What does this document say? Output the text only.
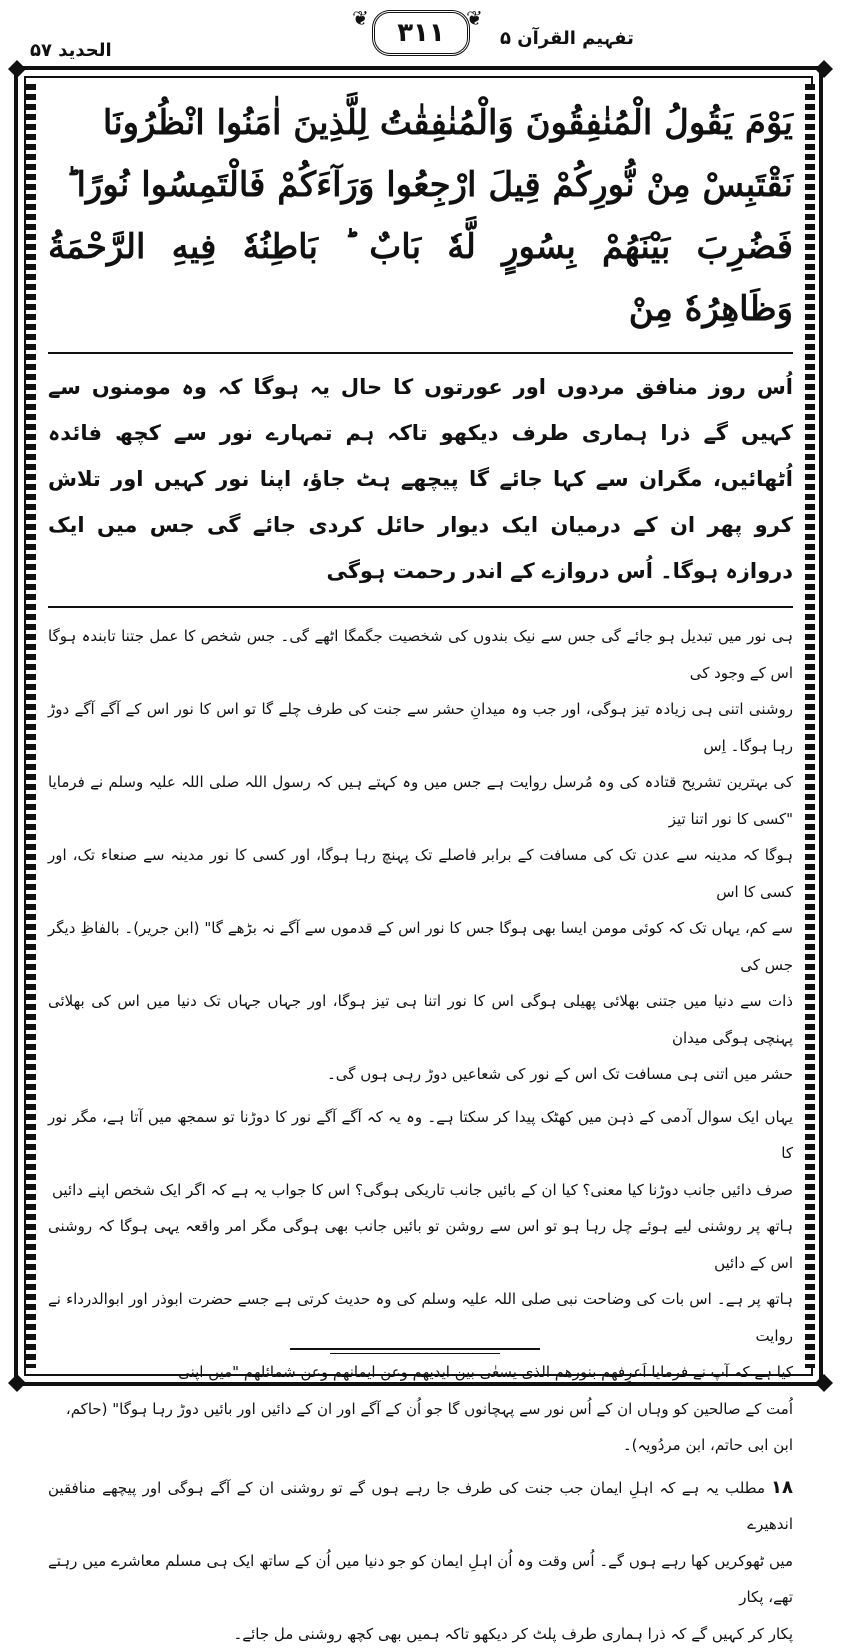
۳۱۱
❦	❦
تفہیم القرآن ۵
الحدید ۵۷

يَوْمَ يَقُولُ الْمُنٰفِقُونَ وَالْمُنٰفِقٰتُ لِلَّذِينَ اٰمَنُوا انْظُرُونَا

نَقْتَبِسْ مِنْ نُّورِكُمْ قِيلَ ارْجِعُوا وَرَآءَكُمْ فَالْتَمِسُوا نُورًا ؕ

فَضُرِبَ بَيْنَهُمْ بِسُورٍ لَّهٗ بَابٌ ؕ بَاطِنُهٗ فِيهِ الرَّحْمَةُ وَظَاهِرُهٗ مِنْ

اُس روز منافق مردوں اور عورتوں کا حال یہ ہوگا کہ وہ مومنوں سے کہیں گے ذرا ہماری طرف دیکھو تاکہ ہم تمہارے نور سے کچھ فائدہ اُٹھائیں، مگران سے کہا جائے گا پیچھے ہٹ جاؤ، اپنا نور کہیں اور تلاش کرو پھر ان کے درمیان ایک دیوار حائل کردی جائے گی جس میں ایک دروازہ ہوگا۔ اُس دروازے کے اندر رحمت ہوگی

ہی نور میں تبدیل ہو جائے گی جس سے نیک بندوں کی شخصیت جگمگا اٹھے گی۔ جس شخص کا عمل جتنا تابندہ ہوگا اس کے وجود کی
روشنی اتنی ہی زیادہ تیز ہوگی، اور جب وہ میدانِ حشر سے جنت کی طرف چلے گا تو اس کا نور اس کے آگے آگے دوڑ رہا ہوگا۔ اِس
کی بہترین تشریح قتادہ کی وہ مُرسل روایت ہے جس میں وہ کہتے ہیں کہ رسول اللہ صلی اللہ علیہ وسلم نے فرمایا "کسی کا نور اتنا تیز
ہوگا کہ مدینہ سے عدن تک کی مسافت کے برابر فاصلے تک پہنچ رہا ہوگا، اور کسی کا نور مدینہ سے صنعاء تک، اور کسی کا اس
سے کم، یہاں تک کہ کوئی مومن ایسا بھی ہوگا جس کا نور اس کے قدموں سے آگے نہ بڑھے گا" (ابن جریر)۔ بالفاظِ دیگر جس کی
ذات سے دنیا میں جتنی بھلائی پھیلی ہوگی اس کا نور اتنا ہی تیز ہوگا، اور جہاں جہاں تک دنیا میں اس کی بھلائی پہنچی ہوگی میدان
حشر میں اتنی ہی مسافت تک اس کے نور کی شعاعیں دوڑ رہی ہوں گی۔
یہاں ایک سوال آدمی کے ذہن میں کھٹک پیدا کر سکتا ہے۔ وہ یہ کہ آگے آگے نور کا دوڑنا تو سمجھ میں آتا ہے، مگر نور کا
صرف دائیں جانب دوڑنا کیا معنی؟ کیا ان کے بائیں جانب تاریکی ہوگی؟ اس کا جواب یہ ہے کہ اگر ایک شخص اپنے دائیں
ہاتھ پر روشنی لیے ہوئے چل رہا ہو تو اس سے روشن تو بائیں جانب بھی ہوگی مگر امر واقعہ یہی ہوگا کہ روشنی اس کے دائیں
ہاتھ پر ہے۔ اس بات کی وضاحت نبی صلی اللہ علیہ وسلم کی وہ حدیث کرتی ہے جسے حضرت ابوذر اور ابوالدرداء نے روایت
کیا ہے کہ آپ نے فرمایا اَعرِفھم بنورھم الذی یسعٰی بین ایدیھم وعن ایمانھم وعن شمائلھم "میں اپنی
اُمت کے صالحین کو وہاں ان کے اُس نور سے پہچانوں گا جو اُن کے آگے اور ان کے دائیں اور بائیں دوڑ رہا ہوگا" (حاکم،
ابن ابی حاتم، ابن مردُویہ)۔
۱۸مطلب یہ ہے کہ اہلِ ایمان جب جنت کی طرف جا رہے ہوں گے تو روشنی ان کے آگے ہوگی اور پیچھے منافقین اندھیرے
میں ٹھوکریں کھا رہے ہوں گے۔ اُس وقت وہ اُن اہلِ ایمان کو جو دنیا میں اُن کے ساتھ ایک ہی مسلم معاشرے میں رہتے تھے، پکار
پکار کر کہیں گے کہ ذرا ہماری طرف پلٹ کر دیکھو تاکہ ہمیں بھی کچھ روشنی مل جائے۔
